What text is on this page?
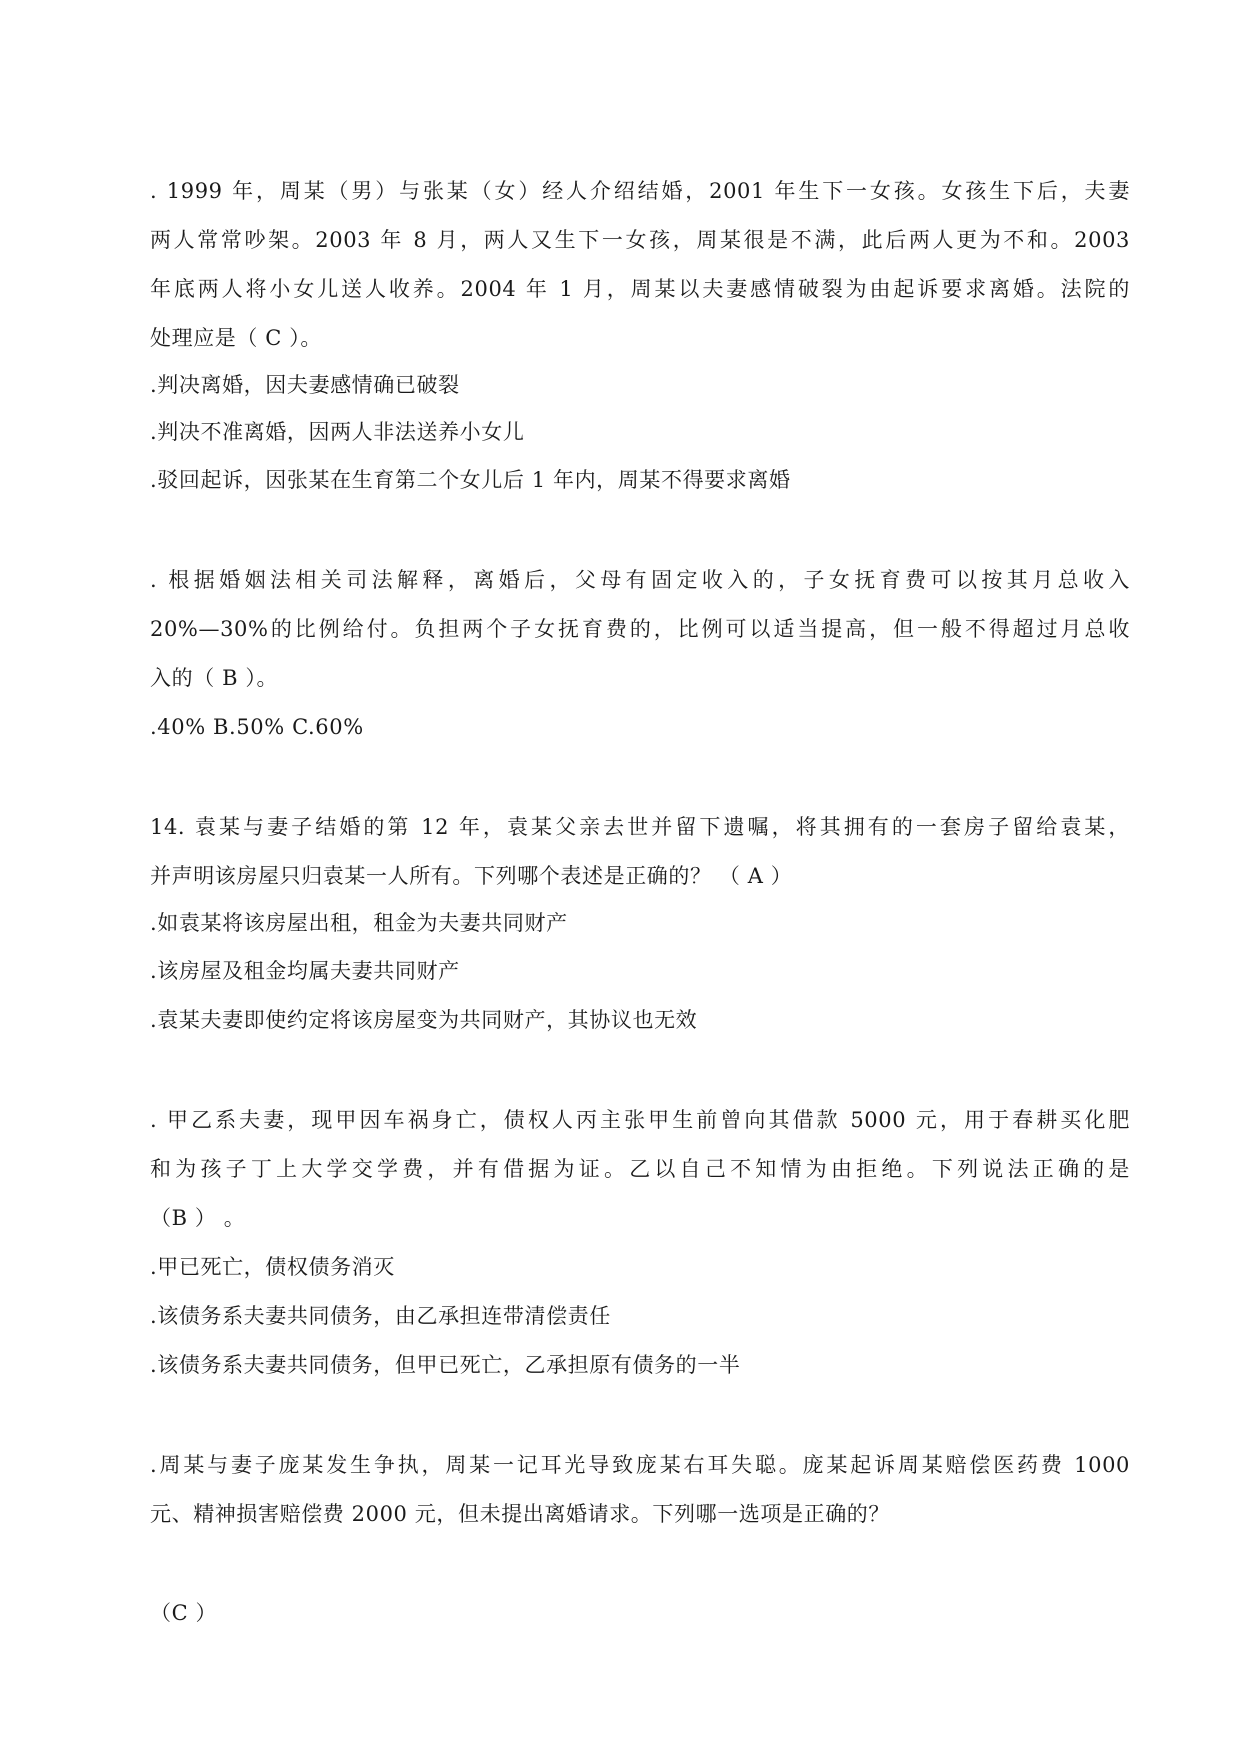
. 1999 年，周某（男）与张某（女）经人介绍结婚，2001 年生下一女孩。女孩生下后，夫妻
两人常常吵架。2003 年 8 月，两人又生下一女孩，周某很是不满，此后两人更为不和。2003
年底两人将小女儿送人收养。2004 年 1 月，周某以夫妻感情破裂为由起诉要求离婚。法院的
处理应是（ C ）。
.判决离婚，因夫妻感情确已破裂
.判决不准离婚，因两人非法送养小女儿
.驳回起诉，因张某在生育第二个女儿后 1 年内，周某不得要求离婚
. 根据婚姻法相关司法解释，离婚后，父母有固定收入的，子女抚育费可以按其月总收入
20%—30%的比例给付。负担两个子女抚育费的，比例可以适当提高，但一般不得超过月总收
入的（ B ）。
.40% B.50% C.60%
14. 袁某与妻子结婚的第 12 年，袁某父亲去世并留下遗嘱，将其拥有的一套房子留给袁某，
并声明该房屋只归袁某一人所有。下列哪个表述是正确的？ （ A ）
.如袁某将该房屋出租，租金为夫妻共同财产
.该房屋及租金均属夫妻共同财产
.袁某夫妻即使约定将该房屋变为共同财产，其协议也无效
. 甲乙系夫妻，现甲因车祸身亡，债权人丙主张甲生前曾向其借款 5000 元，用于春耕买化肥
和为孩子丁上大学交学费，并有借据为证。乙以自己不知情为由拒绝。下列说法正确的是
（B ） 。
.甲已死亡，债权债务消灭
.该债务系夫妻共同债务，由乙承担连带清偿责任
.该债务系夫妻共同债务，但甲已死亡，乙承担原有债务的一半
.周某与妻子庞某发生争执，周某一记耳光导致庞某右耳失聪。庞某起诉周某赔偿医药费 1000
元、精神损害赔偿费 2000 元，但未提出离婚请求。下列哪一选项是正确的？
（C ）
